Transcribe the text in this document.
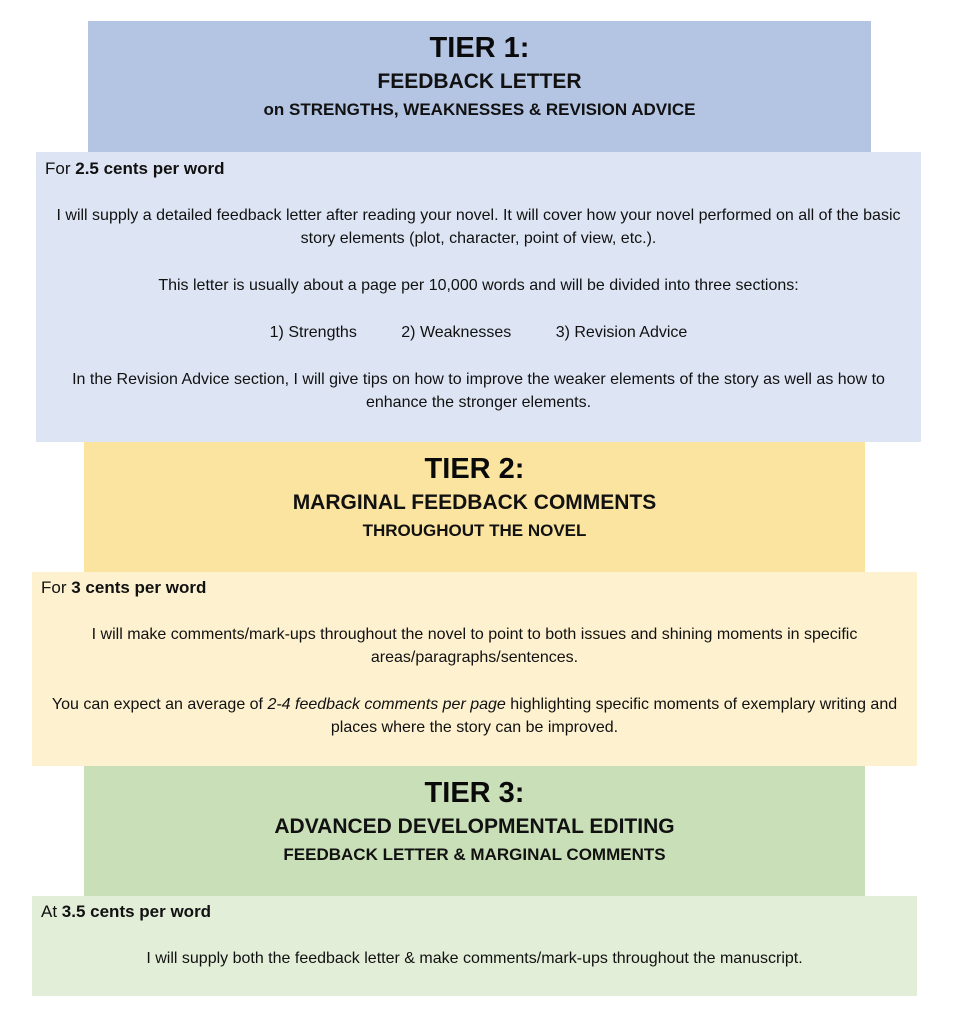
TIER 1:
FEEDBACK LETTER
on STRENGTHS, WEAKNESSES & REVISION ADVICE
For 2.5 cents per word
I will supply a detailed feedback letter after reading your novel. It will cover how your novel performed on all of the basic story elements (plot, character, point of view, etc.).
This letter is usually about a page per 10,000 words and will be divided into three sections:
1) Strengths	2) Weaknesses	3) Revision Advice
In the Revision Advice section, I will give tips on how to improve the weaker elements of the story as well as how to enhance the stronger elements.
TIER 2:
MARGINAL FEEDBACK COMMENTS
THROUGHOUT THE NOVEL
For 3 cents per word
I will make comments/mark-ups throughout the novel to point to both issues and shining moments in specific areas/paragraphs/sentences.
You can expect an average of 2-4 feedback comments per page highlighting specific moments of exemplary writing and places where the story can be improved.
TIER 3:
ADVANCED DEVELOPMENTAL EDITING
FEEDBACK LETTER & MARGINAL COMMENTS
At 3.5 cents per word
I will supply both the feedback letter & make comments/mark-ups throughout the manuscript.
